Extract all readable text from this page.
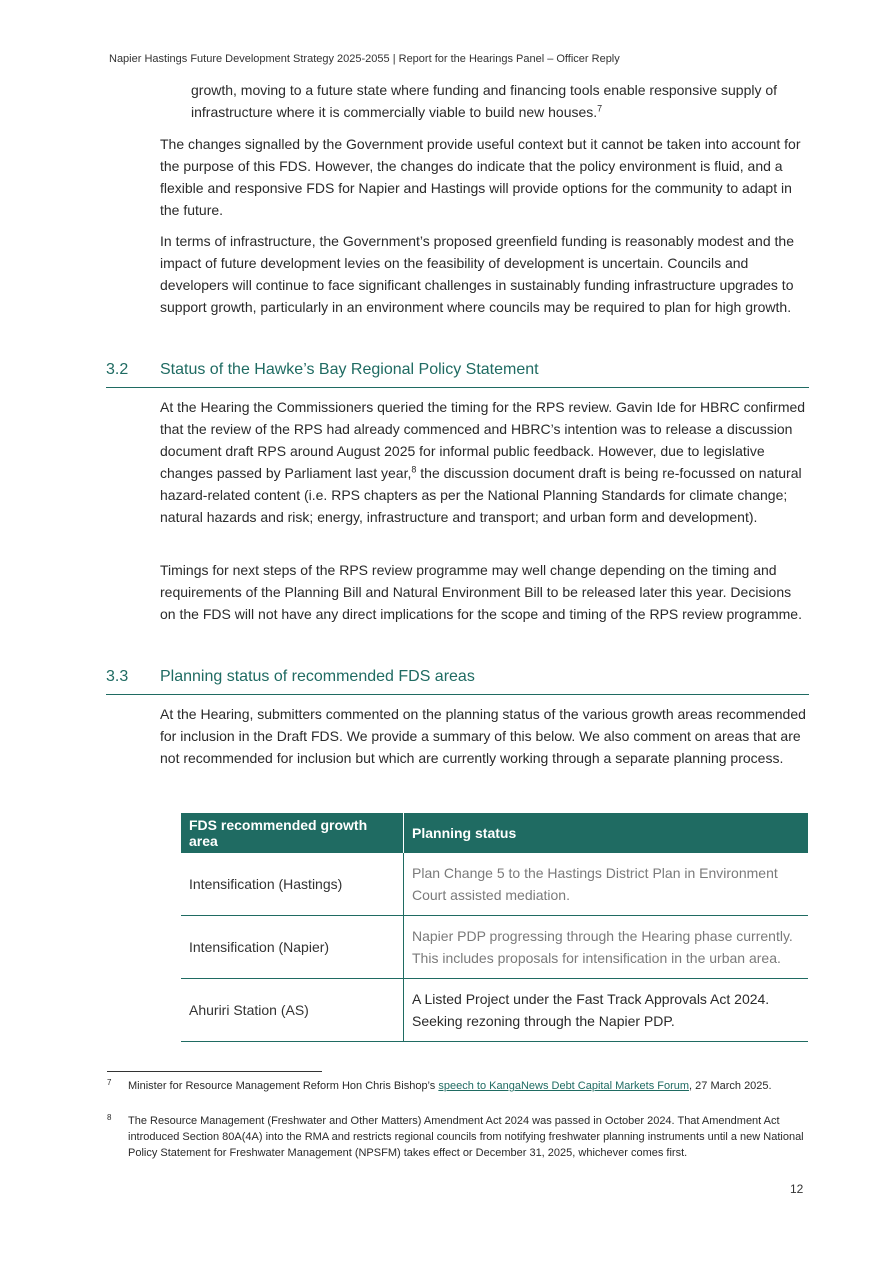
Napier Hastings Future Development Strategy 2025-2055 | Report for the Hearings Panel – Officer Reply

growth, moving to a future state where funding and financing tools enable responsive supply of infrastructure where it is commercially viable to build new houses.$^7$

The changes signalled by the Government provide useful context but it cannot be taken into account for the purpose of this FDS. However, the changes do indicate that the policy environment is fluid, and a flexible and responsive FDS for Napier and Hastings will provide options for the community to adapt in the future.

In terms of infrastructure, the Government’s proposed greenfield funding is reasonably modest and the impact of future development levies on the feasibility of development is uncertain. Councils and developers will continue to face significant challenges in sustainably funding infrastructure upgrades to support growth, particularly in an environment where councils may be required to plan for high growth.

3.2 Status of the Hawke’s Bay Regional Policy Statement

At the Hearing the Commissioners queried the timing for the RPS review. Gavin Ide for HBRC confirmed that the review of the RPS had already commenced and HBRC’s intention was to release a discussion document draft RPS around August 2025 for informal public feedback. However, due to legislative changes passed by Parliament last year,$^8$ the discussion document draft is being re-focussed on natural hazard-related content (i.e. RPS chapters as per the National Planning Standards for climate change; natural hazards and risk; energy, infrastructure and transport; and urban form and development).

Timings for next steps of the RPS review programme may well change depending on the timing and requirements of the Planning Bill and Natural Environment Bill to be released later this year. Decisions on the FDS will not have any direct implications for the scope and timing of the RPS review programme.

3.3 Planning status of recommended FDS areas

At the Hearing, submitters commented on the planning status of the various growth areas recommended for inclusion in the Draft FDS. We provide a summary of this below. We also comment on areas that are not recommended for inclusion but which are currently working through a separate planning process.

FDS recommended growth area	Planning status
Intensification (Hastings)	Plan Change 5 to the Hastings District Plan in Environment Court assisted mediation.
Intensification (Napier)	Napier PDP progressing through the Hearing phase currently. This includes proposals for intensification in the urban area.
Ahuriri Station (AS)	A Listed Project under the Fast Track Approvals Act 2024. Seeking rezoning through the Napier PDP.
7 Minister for Resource Management Reform Hon Chris Bishop’s speech to KangaNews Debt Capital Markets Forum, 27 March 2025.
8 The Resource Management (Freshwater and Other Matters) Amendment Act 2024 was passed in October 2024. That Amendment Act introduced Section 80A(4A) into the RMA and restricts regional councils from notifying freshwater planning instruments until a new National Policy Statement for Freshwater Management (NPSFM) takes effect or December 31, 2025, whichever comes first.
12
